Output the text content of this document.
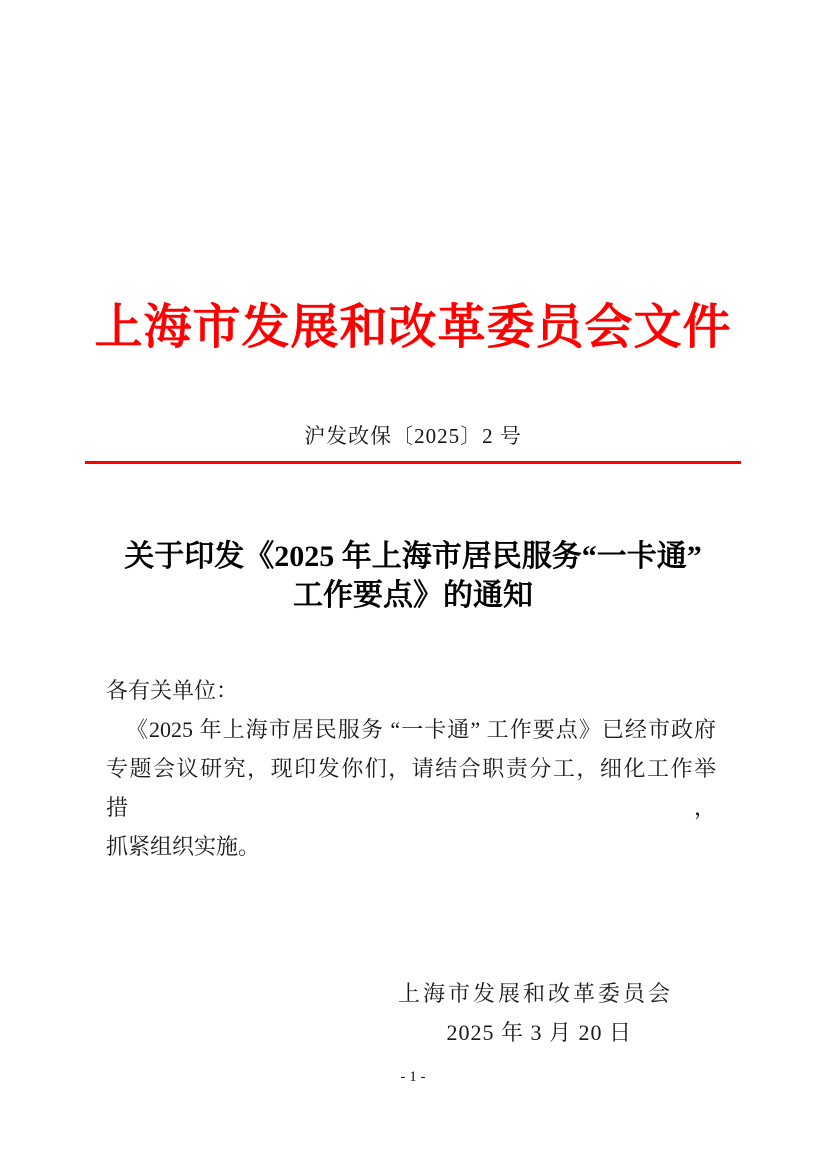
上海市发展和改革委员会文件
沪发改保〔2025〕2 号
关于印发《2025 年上海市居民服务“一卡通”
工作要点》的通知
各有关单位：
《2025 年上海市居民服务 “一卡通” 工作要点》已经市政府
专题会议研究，现印发你们，请结合职责分工，细化工作举措，
抓紧组织实施。
上海市发展和改革委员会
2025 年 3 月 20 日
- 1 -
